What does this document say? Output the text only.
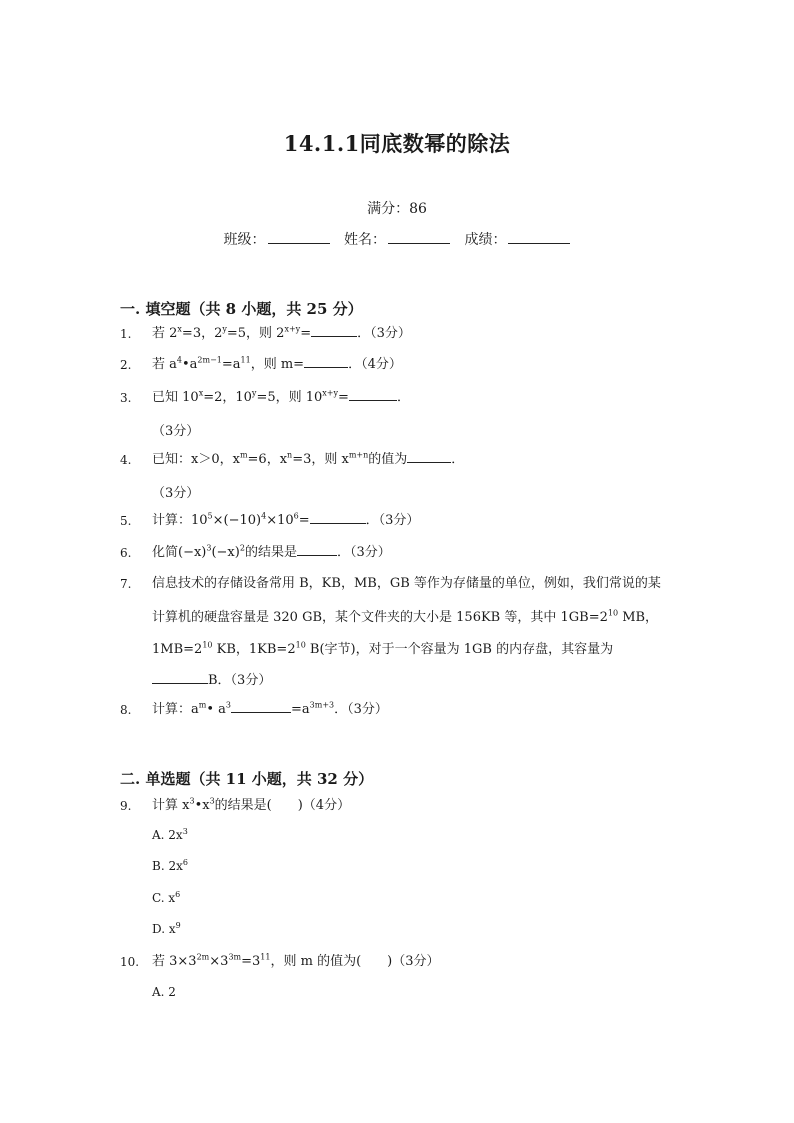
14.1.1同底数幂的除法
满分：86
班级：	姓名：	成绩：
一. 填空题（共 8 小题，共 25 分）
1.	若 $2^x=3$，$2^y=5$，则 $2^{x+y}=$	．（3分）
2.	若 $a^4•a^{2m-1}=a^{11}$，则 m=	．（4分）
3.	已知 $10^x=2$，$10^y=5$，则 $10^{x+y}=$	．
（3分）
4.	已知：x＞0，$x^m=6$，$x^n=3$，则 $x^{m+n}$的值为	．
（3分）
5.	计算：$10^5\times(-10)^4\times 10^6=$	．（3分）
6.	化简$(-x)^3(-x)^2$的结果是	．（3分）
7.	信息技术的存储设备常用 B，KB，MB，GB 等作为存储量的单位，例如，我们常说的某
计算机的硬盘容量是 320 GB，某个文件夹的大小是 156KB 等，其中 $1GB=2^{10}$ MB，
$1MB=2^{10}$ KB，$1KB=2^{10}$ B(字节)，对于一个容量为 1GB 的内存盘，其容量为
B．（3分）
8.	计算：$a^m•$ $a^3$	$=a^{3m+3}$．（3分）
二. 单选题（共 11 小题，共 32 分）
9.	计算 $x^3•x^3$的结果是(　　)（4分）
A. $2x^3$
B. $2x^6$
C. $x^6$
D. $x^9$
10. 若 $3\times 3^{2m}\times 3^{3m}=3^{11}$，则 m 的值为(　　)（3分）
A. 2
